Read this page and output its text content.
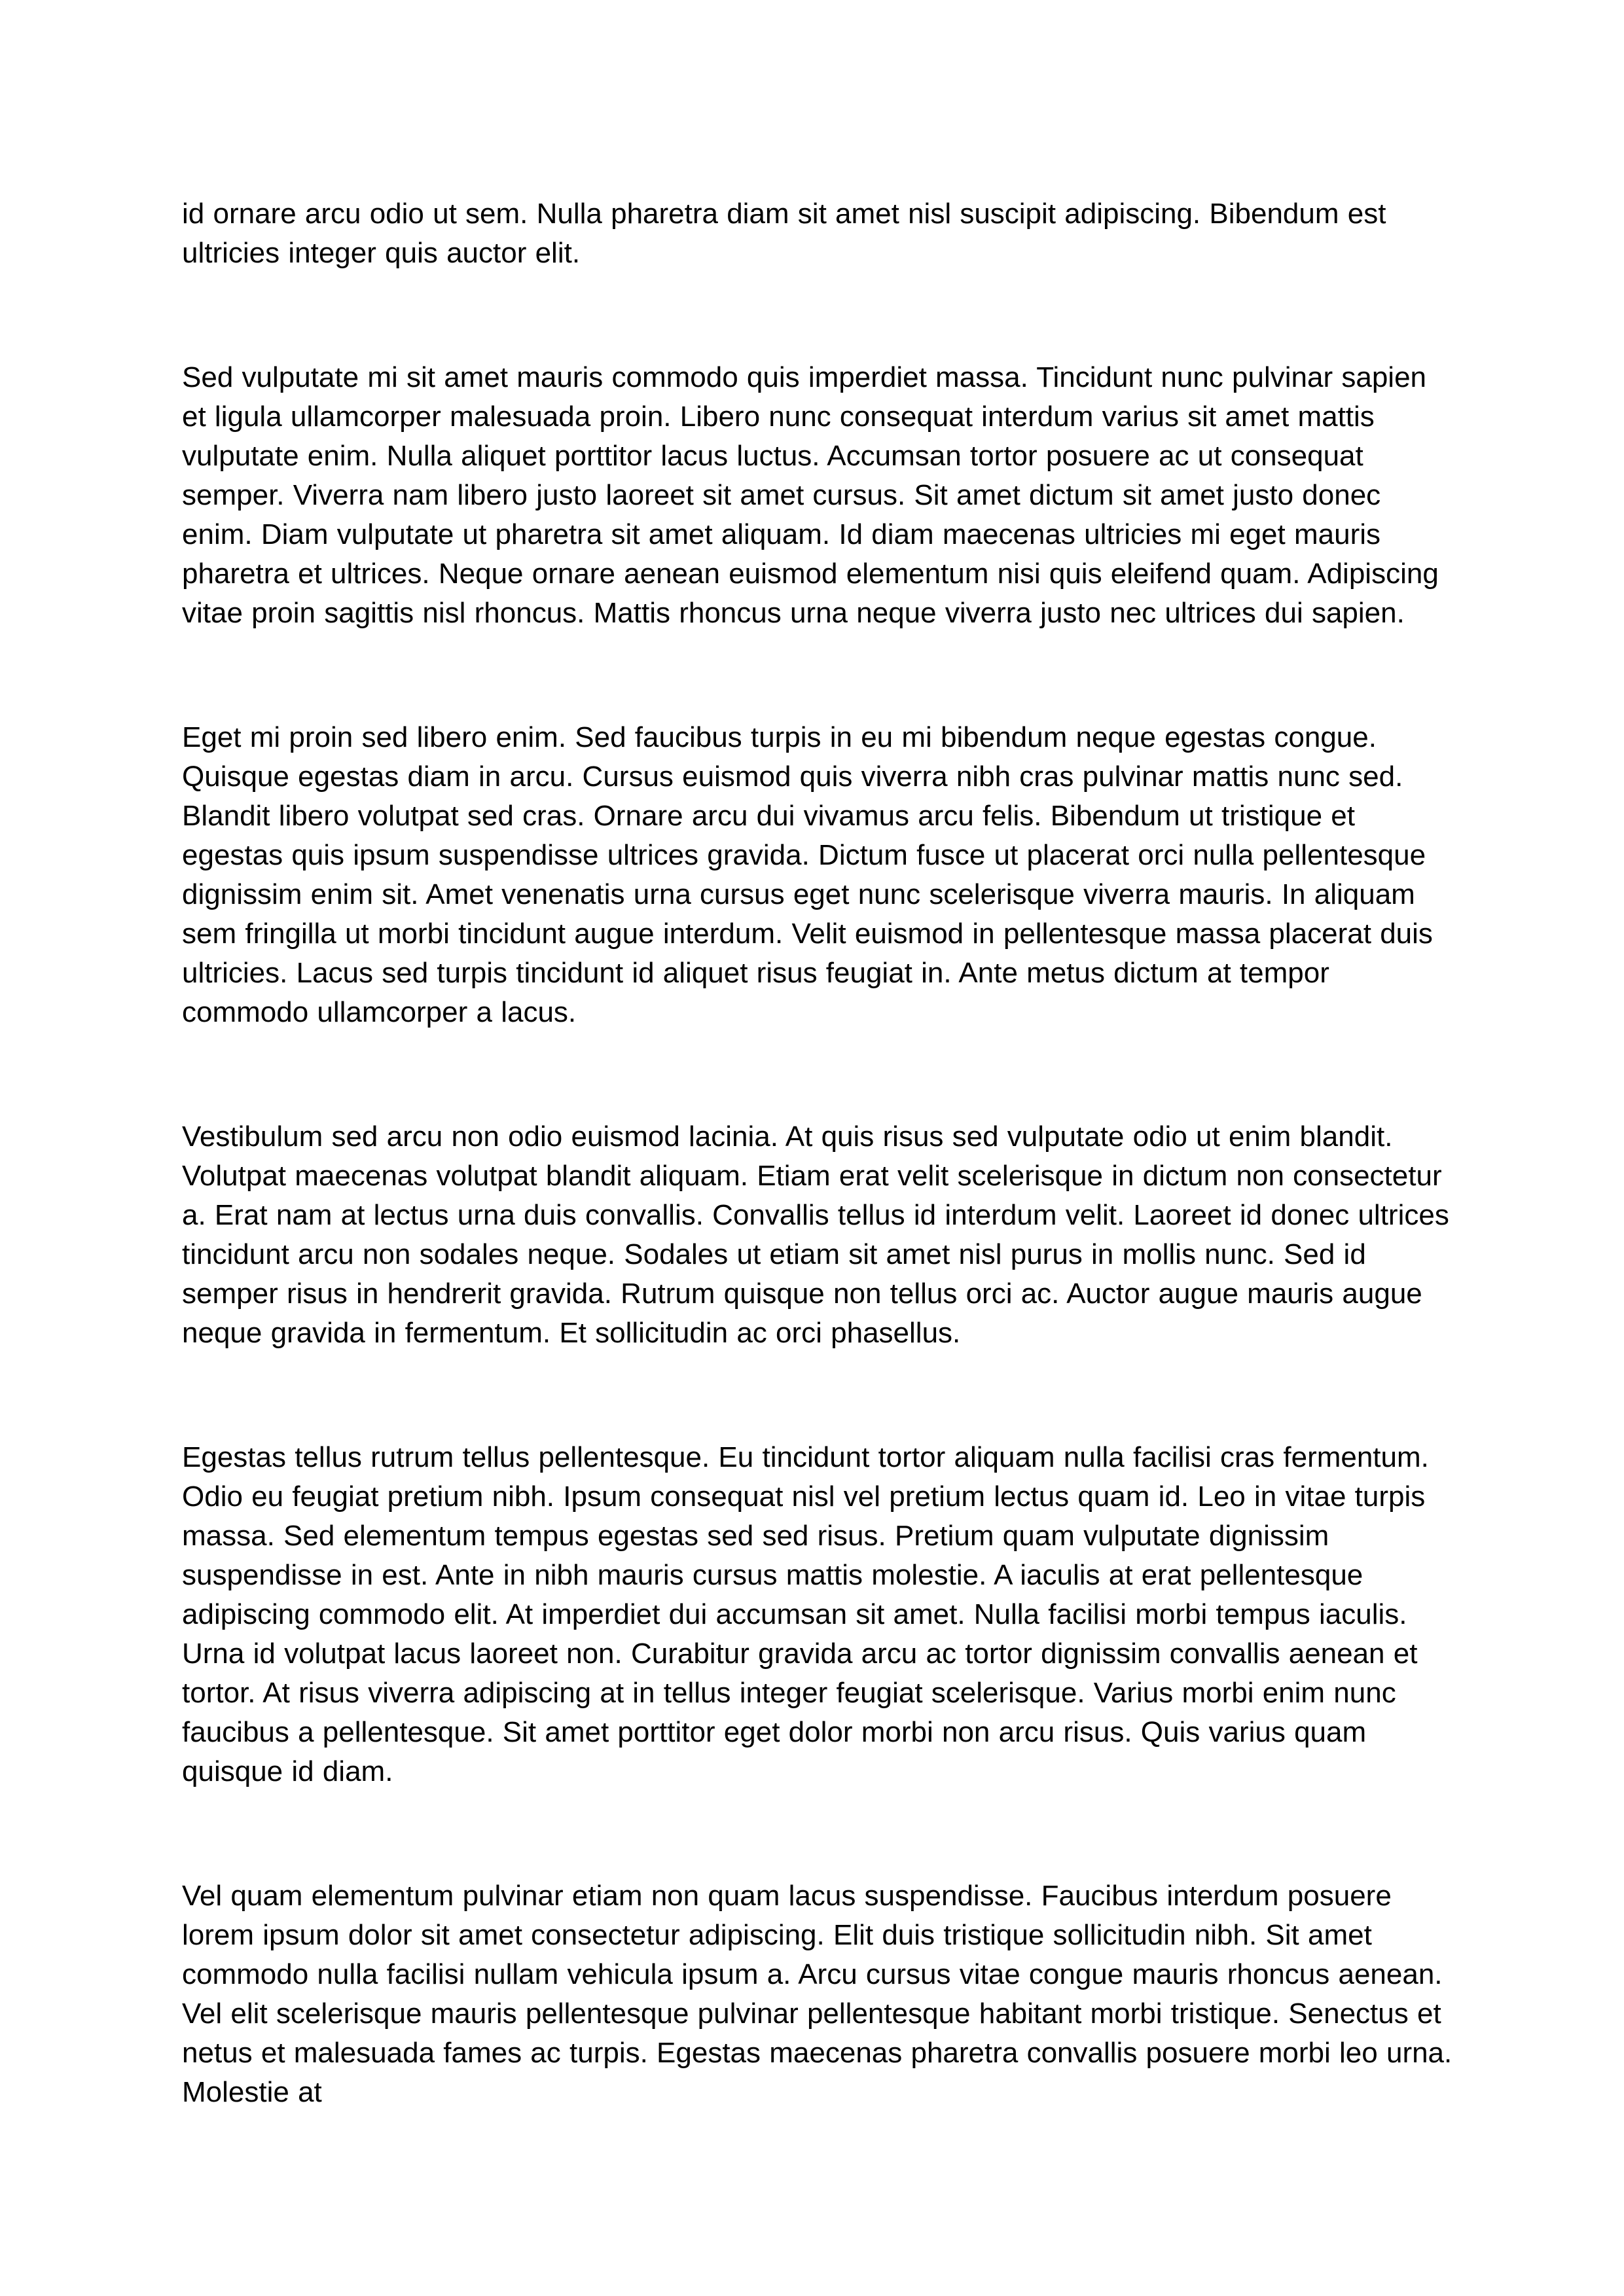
id ornare arcu odio ut sem. Nulla pharetra diam sit amet nisl suscipit adipiscing. Bibendum est ultricies integer quis auctor elit.

Sed vulputate mi sit amet mauris commodo quis imperdiet massa. Tincidunt nunc pulvinar sapien et ligula ullamcorper malesuada proin. Libero nunc consequat interdum varius sit amet mattis vulputate enim. Nulla aliquet porttitor lacus luctus. Accumsan tortor posuere ac ut consequat semper. Viverra nam libero justo laoreet sit amet cursus. Sit amet dictum sit amet justo donec enim. Diam vulputate ut pharetra sit amet aliquam. Id diam maecenas ultricies mi eget mauris pharetra et ultrices. Neque ornare aenean euismod elementum nisi quis eleifend quam. Adipiscing vitae proin sagittis nisl rhoncus. Mattis rhoncus urna neque viverra justo nec ultrices dui sapien.

Eget mi proin sed libero enim. Sed faucibus turpis in eu mi bibendum neque egestas congue. Quisque egestas diam in arcu. Cursus euismod quis viverra nibh cras pulvinar mattis nunc sed. Blandit libero volutpat sed cras. Ornare arcu dui vivamus arcu felis. Bibendum ut tristique et egestas quis ipsum suspendisse ultrices gravida. Dictum fusce ut placerat orci nulla pellentesque dignissim enim sit. Amet venenatis urna cursus eget nunc scelerisque viverra mauris. In aliquam sem fringilla ut morbi tincidunt augue interdum. Velit euismod in pellentesque massa placerat duis ultricies. Lacus sed turpis tincidunt id aliquet risus feugiat in. Ante metus dictum at tempor commodo ullamcorper a lacus.

Vestibulum sed arcu non odio euismod lacinia. At quis risus sed vulputate odio ut enim blandit. Volutpat maecenas volutpat blandit aliquam. Etiam erat velit scelerisque in dictum non consectetur a. Erat nam at lectus urna duis convallis. Convallis tellus id interdum velit. Laoreet id donec ultrices tincidunt arcu non sodales neque. Sodales ut etiam sit amet nisl purus in mollis nunc. Sed id semper risus in hendrerit gravida. Rutrum quisque non tellus orci ac. Auctor augue mauris augue neque gravida in fermentum. Et sollicitudin ac orci phasellus.

Egestas tellus rutrum tellus pellentesque. Eu tincidunt tortor aliquam nulla facilisi cras fermentum. Odio eu feugiat pretium nibh. Ipsum consequat nisl vel pretium lectus quam id. Leo in vitae turpis massa. Sed elementum tempus egestas sed sed risus. Pretium quam vulputate dignissim suspendisse in est. Ante in nibh mauris cursus mattis molestie. A iaculis at erat pellentesque adipiscing commodo elit. At imperdiet dui accumsan sit amet. Nulla facilisi morbi tempus iaculis. Urna id volutpat lacus laoreet non. Curabitur gravida arcu ac tortor dignissim convallis aenean et tortor. At risus viverra adipiscing at in tellus integer feugiat scelerisque. Varius morbi enim nunc faucibus a pellentesque. Sit amet porttitor eget dolor morbi non arcu risus. Quis varius quam quisque id diam.

Vel quam elementum pulvinar etiam non quam lacus suspendisse. Faucibus interdum posuere lorem ipsum dolor sit amet consectetur adipiscing. Elit duis tristique sollicitudin nibh. Sit amet commodo nulla facilisi nullam vehicula ipsum a. Arcu cursus vitae congue mauris rhoncus aenean. Vel elit scelerisque mauris pellentesque pulvinar pellentesque habitant morbi tristique. Senectus et netus et malesuada fames ac turpis. Egestas maecenas pharetra convallis posuere morbi leo urna. Molestie at
